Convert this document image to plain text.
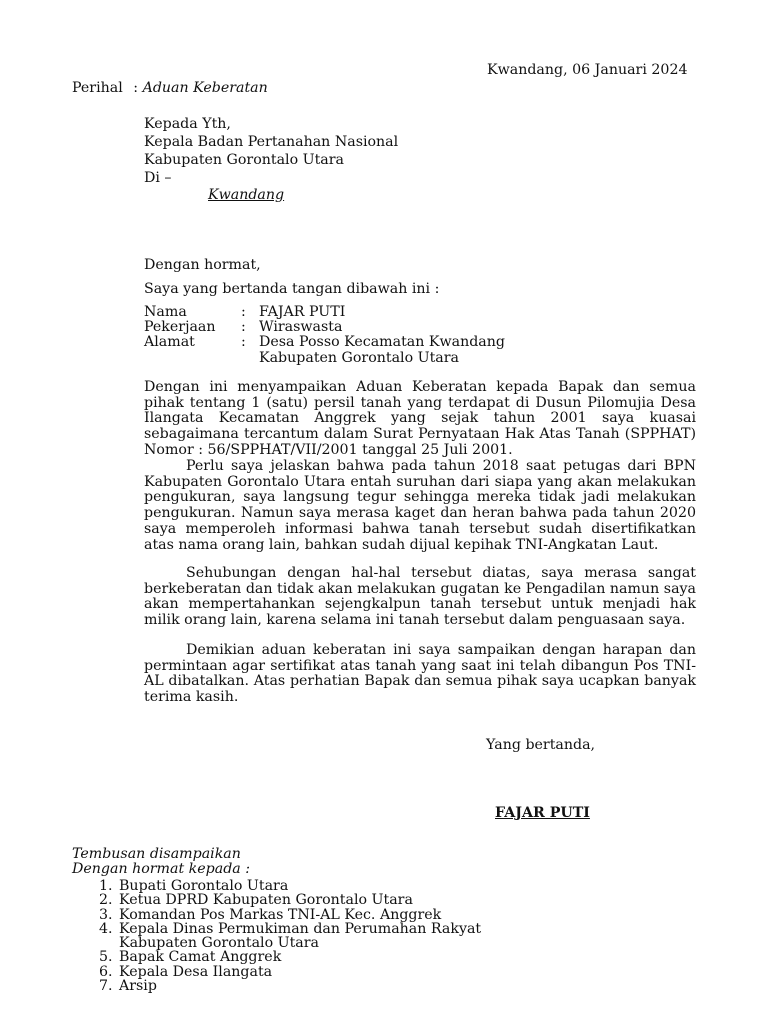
Kwandang, 06 Januari 2024
Perihal : Aduan Keberatan
Kepada Yth,
Kepala Badan Pertanahan Nasional
Kabupaten Gorontalo Utara
Di –
Kwandang
Dengan hormat,
Saya yang bertanda tangan dibawah ini :
Nama	: FAJAR PUTI
Pekerjaan : Wiraswasta
Alamat	: Desa Posso Kecamatan Kwandang
Kabupaten Gorontalo Utara

Dengan ini menyampaikan Aduan Keberatan kepada Bapak dan semua pihak tentang 1 (satu) persil tanah yang terdapat di Dusun Pilomujia Desa Ilangata Kecamatan Anggrek yang sejak tahun 2001 saya kuasai sebagaimana tercantum dalam Surat Pernyataan Hak Atas Tanah (SPPHAT) Nomor : 56/SPPHAT/VII/2001 tanggal 25 Juli 2001.

Perlu saya jelaskan bahwa pada tahun 2018 saat petugas dari BPN Kabupaten Gorontalo Utara entah suruhan dari siapa yang akan melakukan pengukuran, saya langsung tegur sehingga mereka tidak jadi melakukan pengukuran. Namun saya merasa kaget dan heran bahwa pada tahun 2020 saya memperoleh informasi bahwa tanah tersebut sudah disertifikatkan atas nama orang lain, bahkan sudah dijual kepihak TNI-Angkatan Laut.

Sehubungan dengan hal-hal tersebut diatas, saya merasa sangat berkeberatan dan tidak akan melakukan gugatan ke Pengadilan namun saya akan mempertahankan sejengkalpun tanah tersebut untuk menjadi hak milik orang lain, karena selama ini tanah tersebut dalam penguasaan saya.

Demikian aduan keberatan ini saya sampaikan dengan harapan dan permintaan agar sertifikat atas tanah yang saat ini telah dibangun Pos TNI-AL dibatalkan. Atas perhatian Bapak dan semua pihak saya ucapkan banyak terima kasih.

Yang bertanda,
FAJAR PUTI
Tembusan disampaikan
Dengan hormat kepada :
1. Bupati Gorontalo Utara
2. Ketua DPRD Kabupaten Gorontalo Utara
3. Komandan Pos Markas TNI-AL Kec. Anggrek
4. Kepala Dinas Permukiman dan Perumahan Rakyat Kabupaten Gorontalo Utara
5. Bapak Camat Anggrek
6. Kepala Desa Ilangata
7. Arsip
